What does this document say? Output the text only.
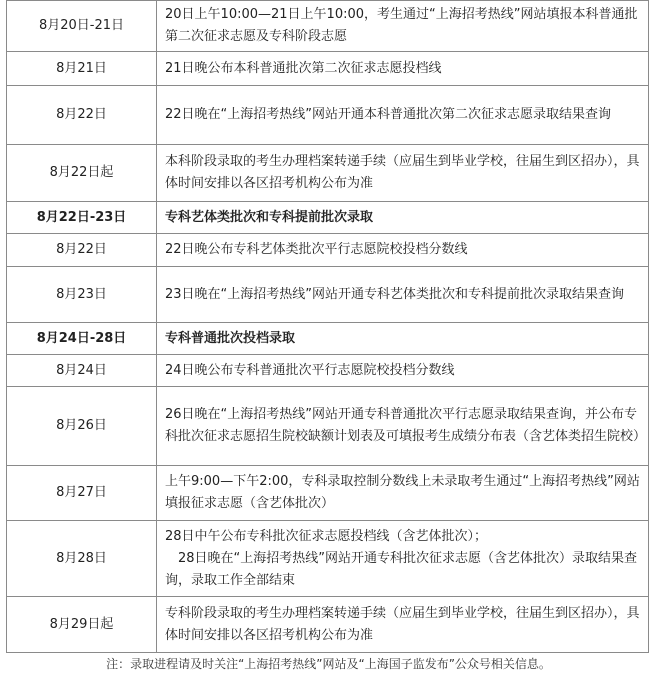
8月20日-21日	20日上午10:00—21日上午10:00，考生通过“上海招考热线”网站填报本科普通批第二次征求志愿及专科阶段志愿
8月21日	21日晚公布本科普通批次第二次征求志愿投档线
8月22日	22日晚在“上海招考热线”网站开通本科普通批次第二次征求志愿录取结果查询
8月22日起	本科阶段录取的考生办理档案转递手续（应届生到毕业学校，往届生到区招办），具体时间安排以各区招考机构公布为准
8月22日-23日	专科艺体类批次和专科提前批次录取
8月22日	22日晚公布专科艺体类批次平行志愿院校投档分数线
8月23日	23日晚在“上海招考热线”网站开通专科艺体类批次和专科提前批次录取结果查询
8月24日-28日	专科普通批次投档录取
8月24日	24日晚公布专科普通批次平行志愿院校投档分数线
8月26日	26日晚在“上海招考热线”网站开通专科普通批次平行志愿录取结果查询，并公布专科批次征求志愿招生院校缺额计划表及可填报考生成绩分布表（含艺体类招生院校）
8月27日	上午9:00—下午2:00，专科录取控制分数线上未录取考生通过“上海招考热线”网站填报征求志愿（含艺体批次）
8月28日	28日中午公布专科批次征求志愿投档线（含艺体批次）；
　28日晚在“上海招考热线”网站开通专科批次征求志愿（含艺体批次）录取结果查询，录取工作全部结束
8月29日起	专科阶段录取的考生办理档案转递手续（应届生到毕业学校，往届生到区招办），具体时间安排以各区招考机构公布为准
注：录取进程请及时关注“上海招考热线”网站及“上海国子监发布”公众号相关信息。
